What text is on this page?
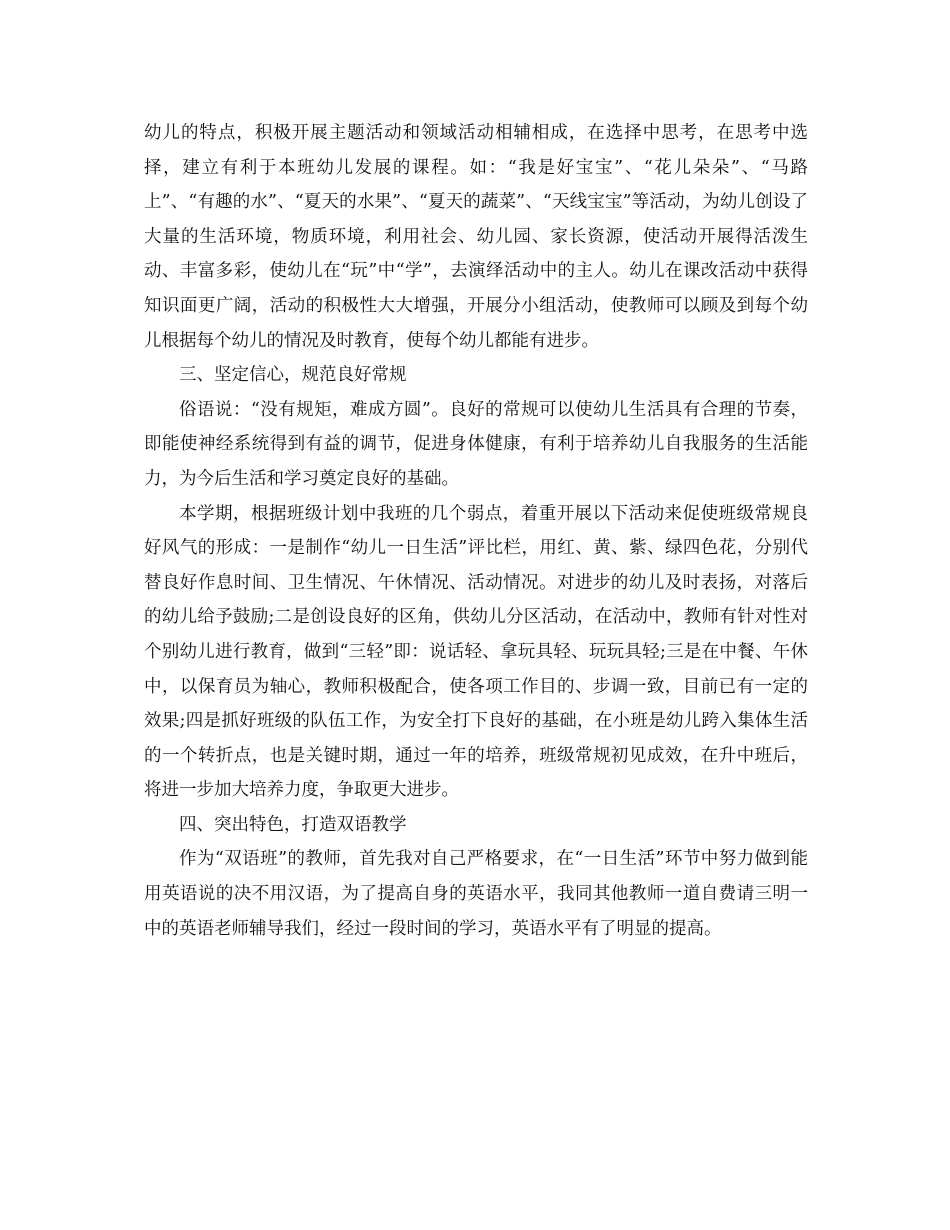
幼儿的特点，积极开展主题活动和领域活动相辅相成，在选择中思考，在思考中选择，建立有利于本班幼儿发展的课程。如：“我是好宝宝”、“花儿朵朵”、“马路上”、“有趣的水”、“夏天的水果”、“夏天的蔬菜”、“天线宝宝”等活动，为幼儿创设了大量的生活环境，物质环境，利用社会、幼儿园、家长资源，使活动开展得活泼生动、丰富多彩，使幼儿在“玩”中“学”，去演绎活动中的主人。幼儿在课改活动中获得知识面更广阔，活动的积极性大大增强，开展分小组活动，使教师可以顾及到每个幼儿根据每个幼儿的情况及时教育，使每个幼儿都能有进步。

三、坚定信心，规范良好常规

俗语说：“没有规矩，难成方圆”。良好的常规可以使幼儿生活具有合理的节奏，即能使神经系统得到有益的调节，促进身体健康，有利于培养幼儿自我服务的生活能力，为今后生活和学习奠定良好的基础。

本学期，根据班级计划中我班的几个弱点，着重开展以下活动来促使班级常规良好风气的形成：一是制作“幼儿一日生活”评比栏，用红、黄、紫、绿四色花，分别代替良好作息时间、卫生情况、午休情况、活动情况。对进步的幼儿及时表扬，对落后的幼儿给予鼓励;二是创设良好的区角，供幼儿分区活动，在活动中，教师有针对性对个别幼儿进行教育，做到“三轻”即：说话轻、拿玩具轻、玩玩具轻;三是在中餐、午休中，以保育员为轴心，教师积极配合，使各项工作目的、步调一致，目前已有一定的效果;四是抓好班级的队伍工作，为安全打下良好的基础，在小班是幼儿跨入集体生活的一个转折点，也是关键时期，通过一年的培养，班级常规初见成效，在升中班后，将进一步加大培养力度，争取更大进步。

四、突出特色，打造双语教学

作为“双语班”的教师，首先我对自己严格要求，在“一日生活”环节中努力做到能用英语说的决不用汉语，为了提高自身的英语水平，我同其他教师一道自费请三明一中的英语老师辅导我们，经过一段时间的学习，英语水平有了明显的提高。
